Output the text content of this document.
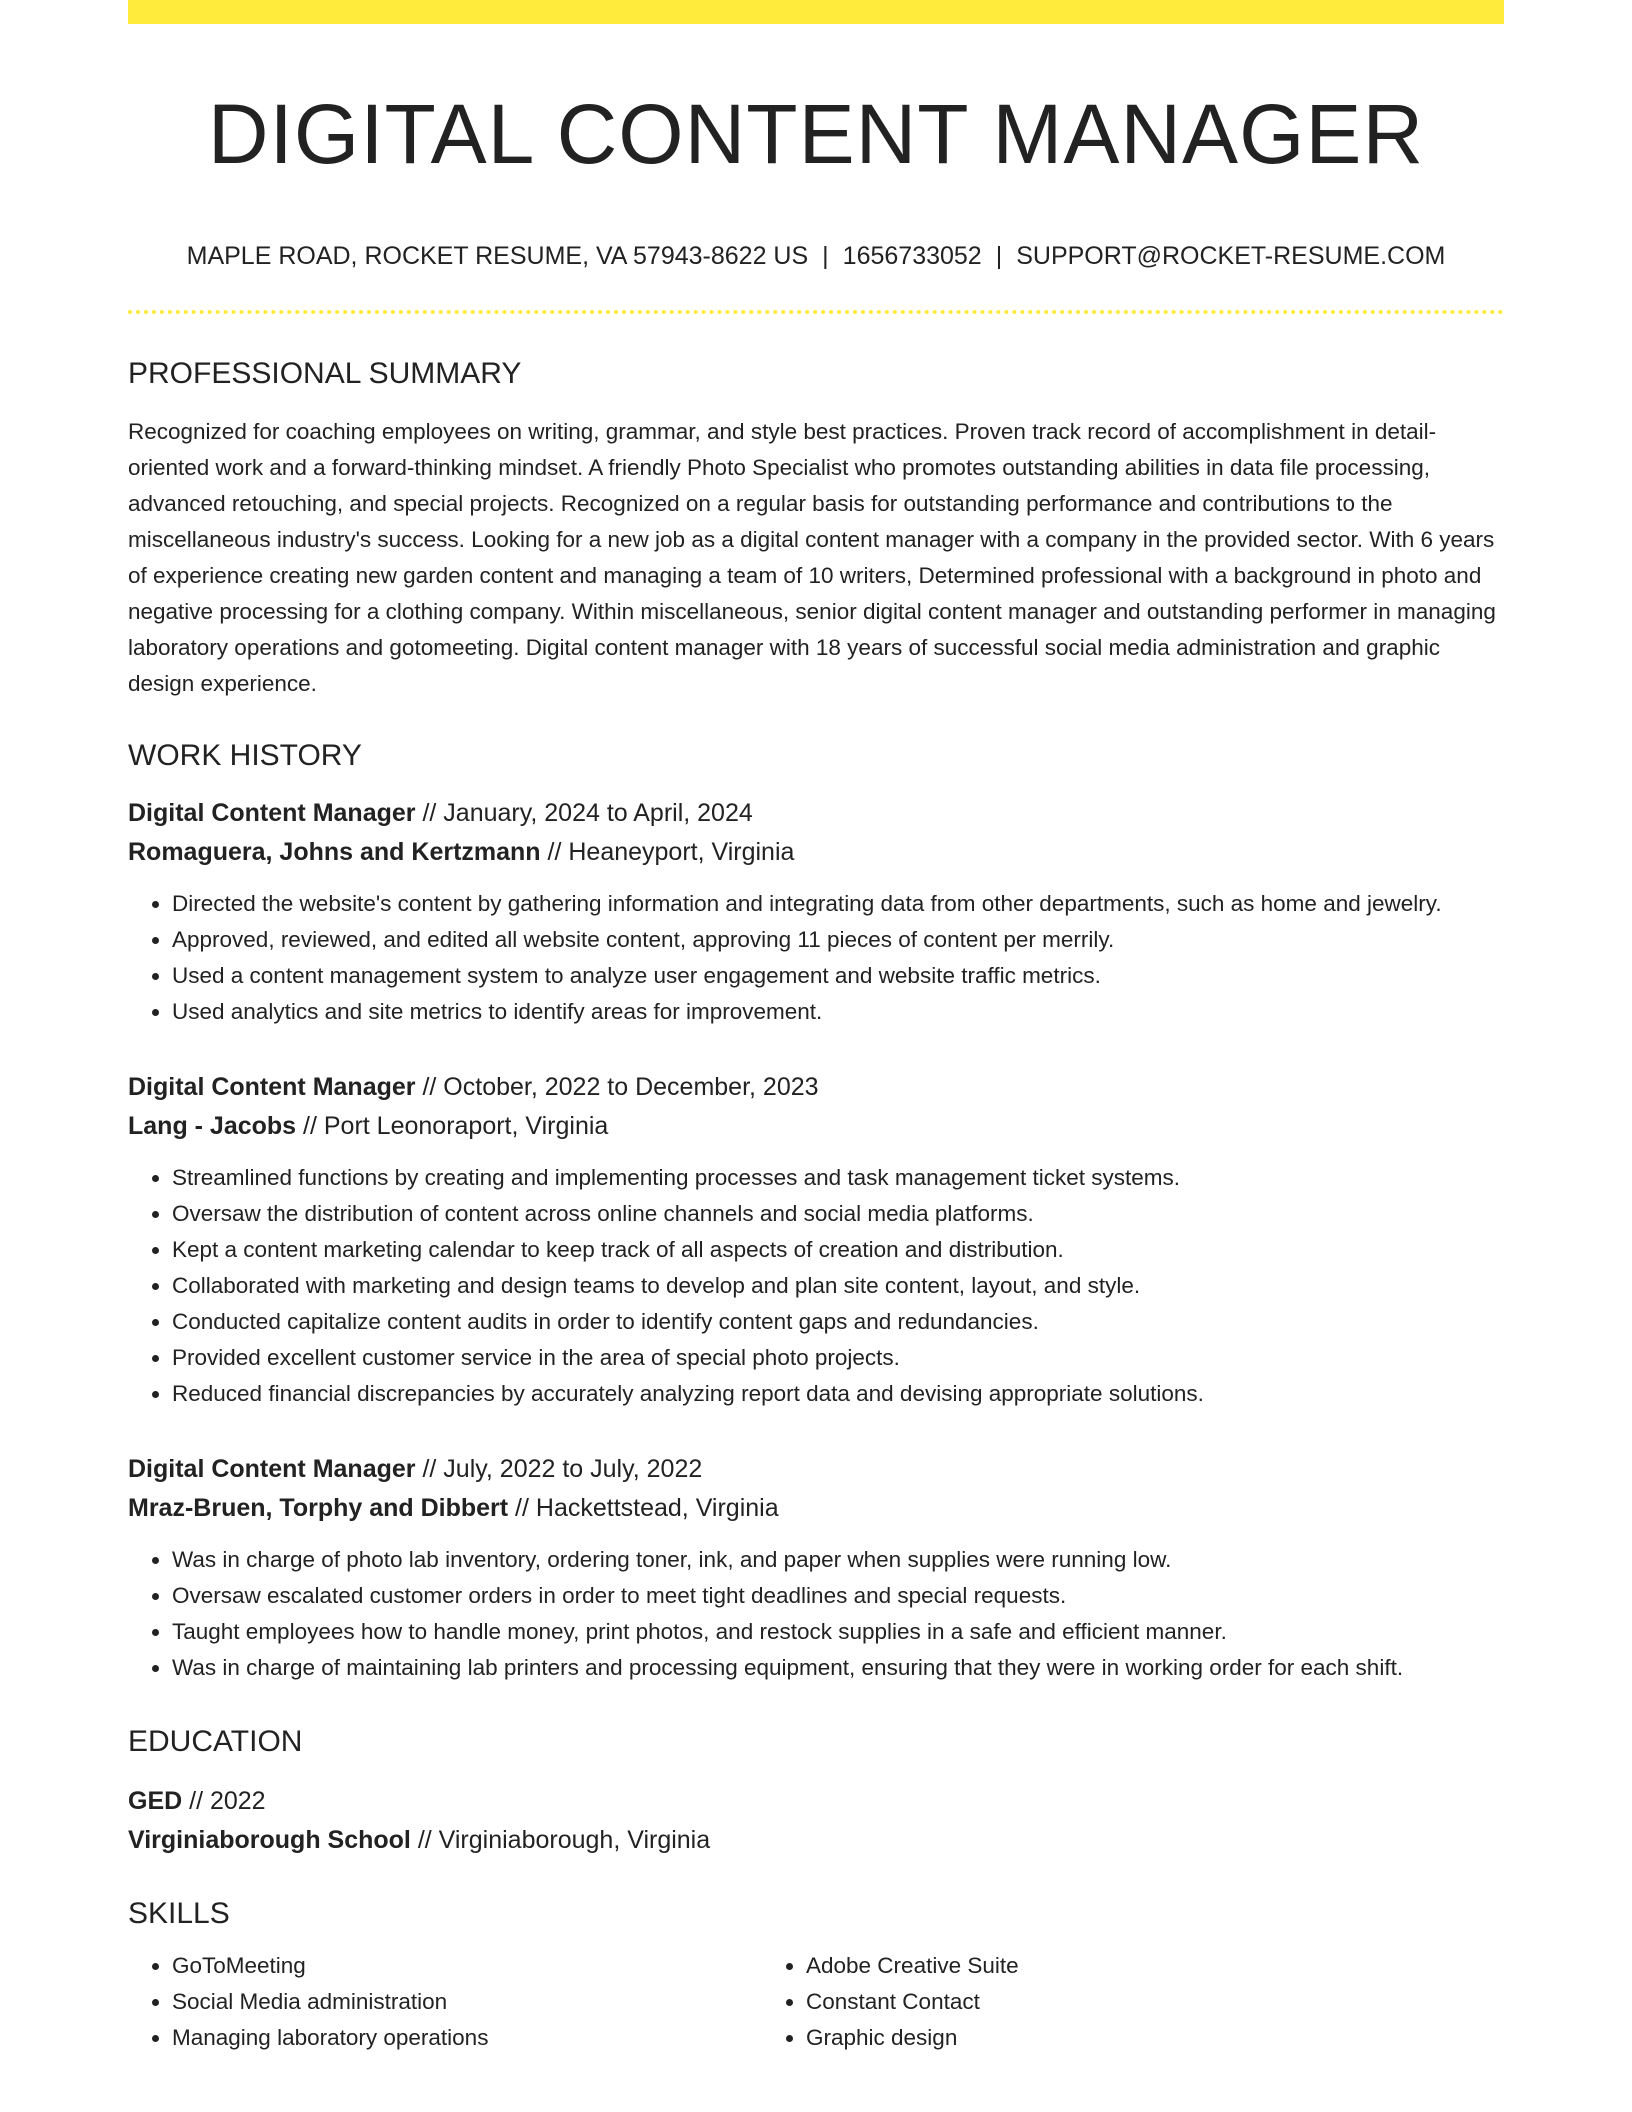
DIGITAL CONTENT MANAGER
MAPLE ROAD, ROCKET RESUME, VA 57943-8622 US | 1656733052 | SUPPORT@ROCKET-RESUME.COM
PROFESSIONAL SUMMARY
Recognized for coaching employees on writing, grammar, and style best practices. Proven track record of accomplishment in detail-oriented work and a forward-thinking mindset. A friendly Photo Specialist who promotes outstanding abilities in data file processing, advanced retouching, and special projects. Recognized on a regular basis for outstanding performance and contributions to the miscellaneous industry's success. Looking for a new job as a digital content manager with a company in the provided sector. With 6 years of experience creating new garden content and managing a team of 10 writers, Determined professional with a background in photo and negative processing for a clothing company. Within miscellaneous, senior digital content manager and outstanding performer in managing laboratory operations and gotomeeting. Digital content manager with 18 years of successful social media administration and graphic design experience.
WORK HISTORY
Digital Content Manager // January, 2024 to April, 2024
Romaguera, Johns and Kertzmann // Heaneyport, Virginia
• Directed the website's content by gathering information and integrating data from other departments, such as home and jewelry.
• Approved, reviewed, and edited all website content, approving 11 pieces of content per merrily.
• Used a content management system to analyze user engagement and website traffic metrics.
• Used analytics and site metrics to identify areas for improvement.
Digital Content Manager // October, 2022 to December, 2023
Lang - Jacobs // Port Leonoraport, Virginia
• Streamlined functions by creating and implementing processes and task management ticket systems.
• Oversaw the distribution of content across online channels and social media platforms.
• Kept a content marketing calendar to keep track of all aspects of creation and distribution.
• Collaborated with marketing and design teams to develop and plan site content, layout, and style.
• Conducted capitalize content audits in order to identify content gaps and redundancies.
• Provided excellent customer service in the area of special photo projects.
• Reduced financial discrepancies by accurately analyzing report data and devising appropriate solutions.
Digital Content Manager // July, 2022 to July, 2022
Mraz-Bruen, Torphy and Dibbert // Hackettstead, Virginia
• Was in charge of photo lab inventory, ordering toner, ink, and paper when supplies were running low.
• Oversaw escalated customer orders in order to meet tight deadlines and special requests.
• Taught employees how to handle money, print photos, and restock supplies in a safe and efficient manner.
• Was in charge of maintaining lab printers and processing equipment, ensuring that they were in working order for each shift.
EDUCATION
GED // 2022
Virginiaborough School // Virginiaborough, Virginia
SKILLS
• GoToMeeting
• Social Media administration
• Managing laboratory operations
• Adobe Creative Suite
• Constant Contact
• Graphic design
